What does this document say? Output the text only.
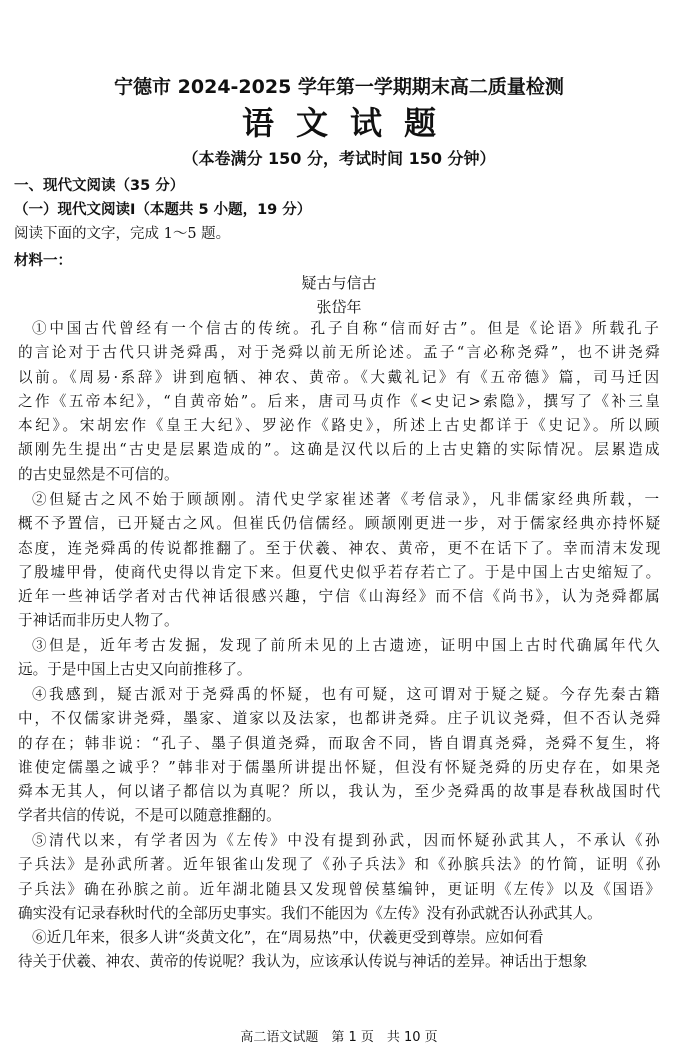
宁德市 2024-2025 学年第一学期期末高二质量检测
语文试题
（本卷满分 150 分，考试时间 150 分钟）
一、现代文阅读（35 分）
（一）现代文阅读Ⅰ（本题共 5 小题，19 分）
阅读下面的文字，完成 1～5 题。
材料一：
疑古与信古
张岱年
①中国古代曾经有一个信古的传统。孔子自称“信而好古”。但是《论语》所载孔子
的言论对于古代只讲尧舜禹，对于尧舜以前无所论述。孟子“言必称尧舜”，也不讲尧舜
以前。《周易·系辞》讲到庖牺、神农、黄帝。《大戴礼记》有《五帝德》篇，司马迁因
之作《五帝本纪》，“自黄帝始”。后来，唐司马贞作《<史记>索隐》，撰写了《补三皇
本纪》。宋胡宏作《皇王大纪》、罗泌作《路史》，所述上古史都详于《史记》。所以顾
颉刚先生提出“古史是层累造成的”。这确是汉代以后的上古史籍的实际情况。层累造成
的古史显然是不可信的。
②但疑古之风不始于顾颉刚。清代史学家崔述著《考信录》，凡非儒家经典所载，一
概不予置信，已开疑古之风。但崔氏仍信儒经。顾颉刚更进一步，对于儒家经典亦持怀疑
态度，连尧舜禹的传说都推翻了。至于伏羲、神农、黄帝，更不在话下了。幸而清末发现
了殷墟甲骨，使商代史得以肯定下来。但夏代史似乎若存若亡了。于是中国上古史缩短了。
近年一些神话学者对古代神话很感兴趣，宁信《山海经》而不信《尚书》，认为尧舜都属
于神话而非历史人物了。
③但是，近年考古发掘，发现了前所未见的上古遗迹，证明中国上古时代确属年代久
远。于是中国上古史又向前推移了。
④我感到，疑古派对于尧舜禹的怀疑，也有可疑，这可谓对于疑之疑。今存先秦古籍
中，不仅儒家讲尧舜，墨家、道家以及法家，也都讲尧舜。庄子讥议尧舜，但不否认尧舜
的存在；韩非说：“孔子、墨子俱道尧舜，而取舍不同，皆自谓真尧舜，尧舜不复生，将
谁使定儒墨之诚乎？”韩非对于儒墨所讲提出怀疑，但没有怀疑尧舜的历史存在，如果尧
舜本无其人，何以诸子都信以为真呢？所以，我认为，至少尧舜禹的故事是春秋战国时代
学者共信的传说，不是可以随意推翻的。
⑤清代以来，有学者因为《左传》中没有提到孙武，因而怀疑孙武其人，不承认《孙
子兵法》是孙武所著。近年银雀山发现了《孙子兵法》和《孙膑兵法》的竹简，证明《孙
子兵法》确在孙膑之前。近年湖北随县又发现曾侯墓编钟，更证明《左传》以及《国语》
确实没有记录春秋时代的全部历史事实。我们不能因为《左传》没有孙武就否认孙武其人。
⑥近几年来，很多人讲“炎黄文化”，在“周易热”中，伏羲更受到尊崇。应如何看
待关于伏羲、神农、黄帝的传说呢？我认为，应该承认传说与神话的差异。神话出于想象
高二语文试题　第 1 页　共 10 页
